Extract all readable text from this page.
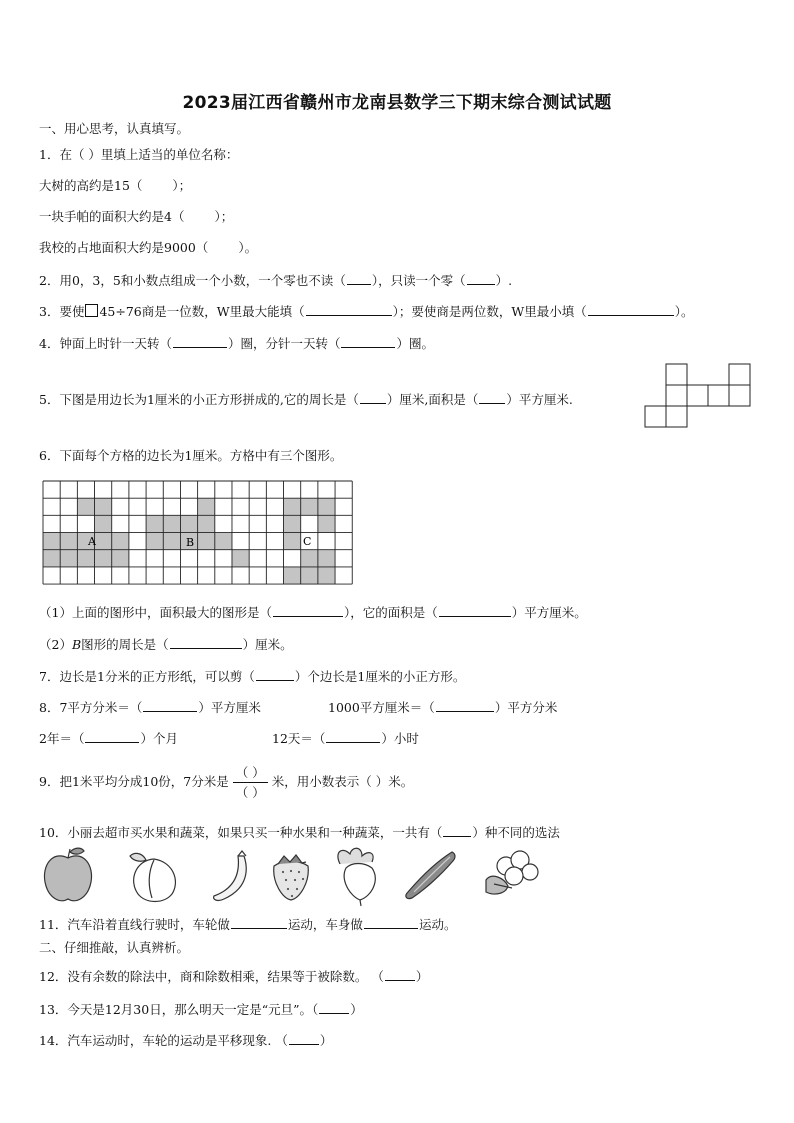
2023届江西省赣州市龙南县数学三下期末综合测试试题
一、用心思考，认真填写。
1．在（ ）里填上适当的单位名称：
大树的高约是15（ ）；
一块手帕的面积大约是4（ ）；
我校的占地面积大约是9000（ ）。
2．用0，3，5和小数点组成一个小数，一个零也不读（ ），只读一个零（ ）.
3．要使 45÷76商是一位数，W里最大能填（	）；要使商是两位数，W里最小填（	）。
4．钟面上时针一天转（	）圈，分针一天转（	）圈。
5．下图是用边长为1厘米的小正方形拼成的,它的周长是（ ）厘米,面积是（ ）平方厘米.
6．下面每个方格的边长为1厘米。方格中有三个图形。
A	B	C
（1）上面的图形中，面积最大的图形是（	），它的面积是（	）平方厘米。
（2）B图形的周长是（	）厘米。
7．边长是1分米的正方形纸，可以剪（	）个边长是1厘米的小正方形。
8．7平方分米＝（	）平方厘米	1000平方厘米＝（	）平方分米
2年＝（	）个月	12天＝（	）小时
9．把1米平均分成10份，7分米是 $\frac{( )}{( )}$ 米，用小数表示（ ）米。
10．小丽去超市买水果和蔬菜，如果只买一种水果和一种蔬菜，一共有（ ）种不同的选法
11．汽车沿着直线行驶时，车轮做	运动，车身做	运动。
二、仔细推敲，认真辨析。
12．没有余数的除法中，商和除数相乘，结果等于被除数。 （	）
13．今天是12月30日，那么明天一定是“元旦”。（	）
14．汽车运动时，车轮的运动是平移现象. （	）
